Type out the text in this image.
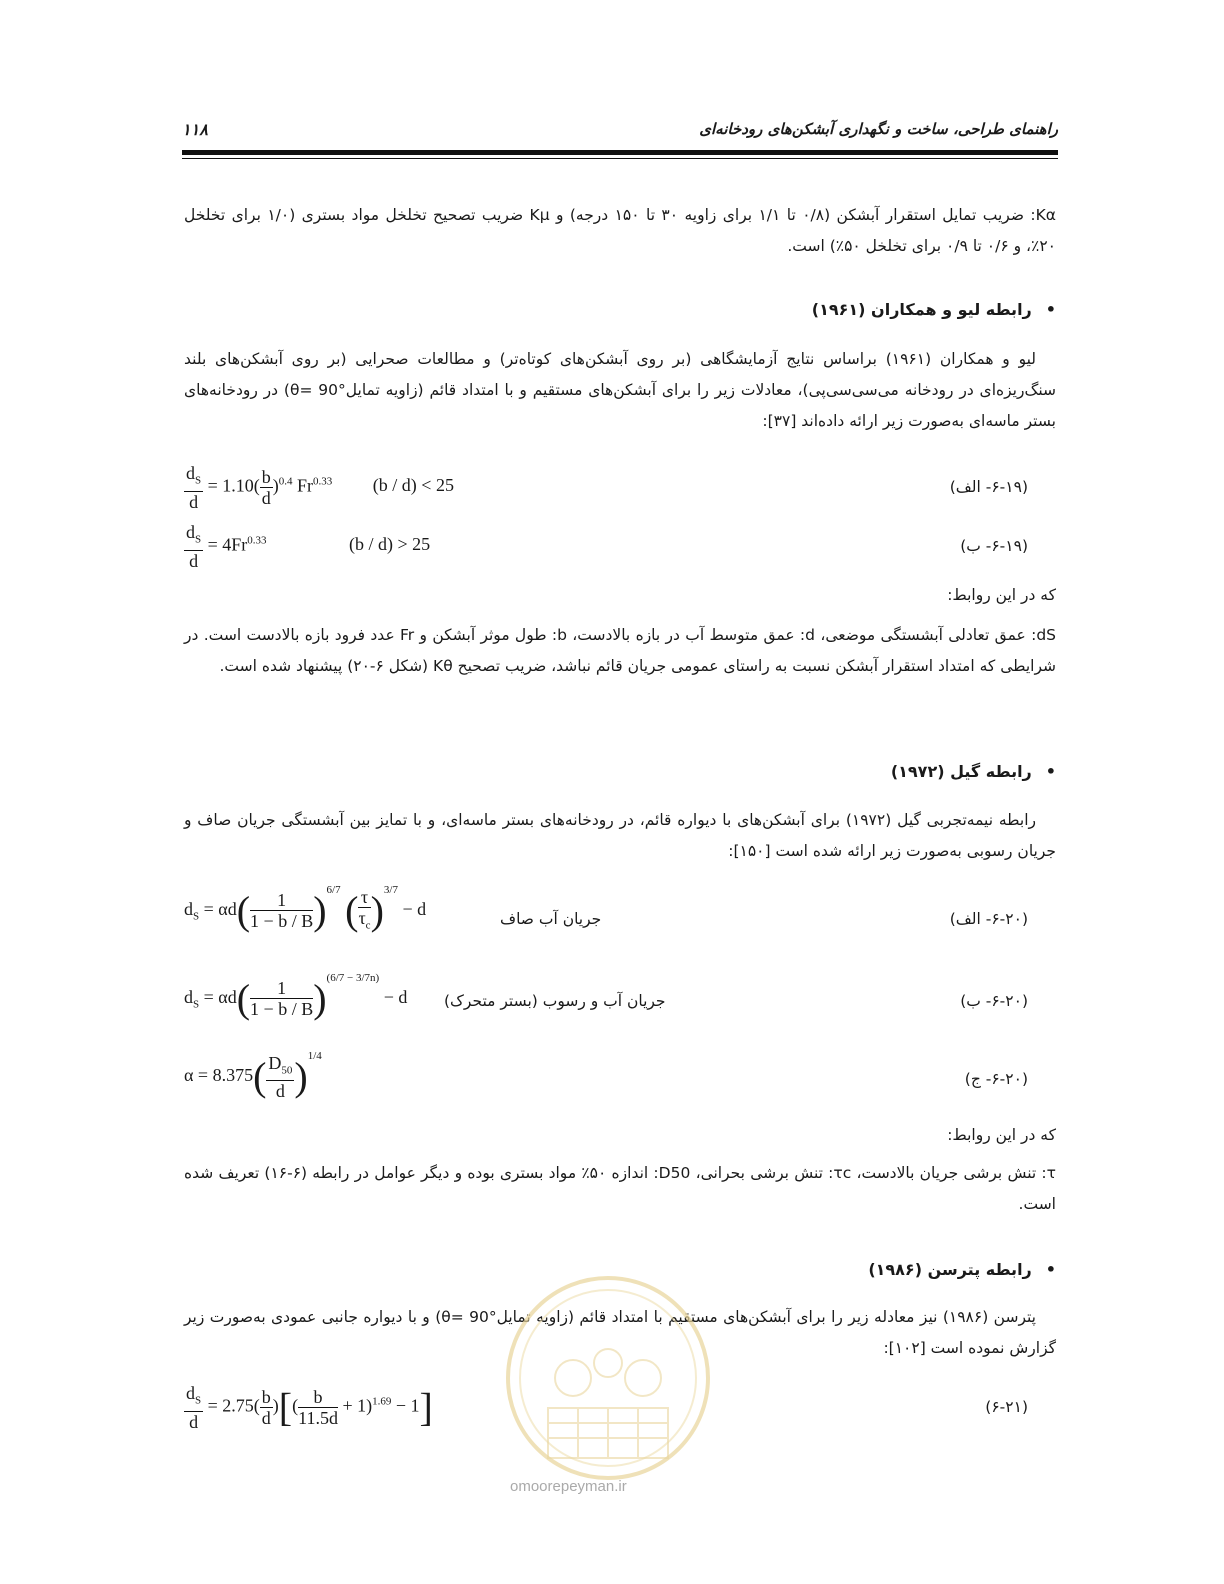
راهنمای طراحی، ساخت و نگهداری آبشکن‌های رودخانه‌ای
۱۱۸
Kα: ضریب تمایل استقرار آبشکن (۰/۸ تا ۱/۱ برای زاویه ۳۰ تا ۱۵۰ درجه) و Kμ ضریب تصحیح تخلخل مواد بستری (۱/۰ برای تخلخل ۲۰٪، و ۰/۶ تا ۰/۹ برای تخلخل ۵۰٪) است.
•رابطه لیو و همکاران (۱۹۶۱)
لیو و همکاران (۱۹۶۱) براساس نتایج آزمایشگاهی (بر روی آبشکن‌های کوتاه‌تر) و مطالعات صحرایی (بر روی آبشکن‌های بلند سنگ‌ریزه‌ای در رودخانه می‌سی‌سی‌پی)، معادلات زیر را برای آبشکن‌های مستقیم و با امتداد قائم (زاویه تمایل°90 =θ) در رودخانه‌های بستر ماسه‌ای به‌صورت زیر ارائه داده‌اند [۳۷]:
$\frac{d_S}{d} = 1.10( \frac{b}{d} )^{0.4}$ $Fr^{0.33}$ (b / d) < 25	(۶-۱۹- الف)
$\frac{d_S}{d} = 4Fr^{0.33}$	(b / d) > 25	(۶-۱۹- ب)
که در این روابط:
dS: عمق تعادلی آبشستگی موضعی، d: عمق متوسط آب در بازه بالادست، b: طول موثر آبشکن و Fr عدد فرود بازه بالادست است. در شرایطی که امتداد استقرار آبشکن نسبت به راستای عمومی جریان قائم نباشد، ضریب تصحیح Kθ (شکل ۶-۲۰) پیشنهاد شده است.
•رابطه گیل (۱۹۷۲)
رابطه نیمه‌تجربی گیل (۱۹۷۲) برای آبشکن‌های با دیواره قائم، در رودخانه‌های بستر ماسه‌ای، و با تمایز بین آبشستگی جریان صاف و جریان رسوبی به‌صورت زیر ارائه شده است [۱۵۰]:
$d_S = \alpha d( \frac{1}{1 - b / B} )^{6/7}$ ( $\frac{\tau}{\tau_c} )^{3/7} - d$	جریان آب صاف	(۶-۲۰- الف)
$d_S = \alpha d( \frac{1}{1 - b / B} )^{(6/7 - 3/7n)} - d$ جریان آب و رسوب (بستر متحرک)	(۶-۲۰- ب)
$\alpha = 8.375( \frac{D_{50}}{d} )^{1/4}$
(۶-۲۰- ج)
که در این روابط:
τ: تنش برشی جریان بالادست، τc: تنش برشی بحرانی، D50: اندازه ۵۰٪ مواد بستری بوده و دیگر عوامل در رابطه (۶-۱۶) تعریف شده است.
•رابطه پترسن (۱۹۸۶)
پترسن (۱۹۸۶) نیز معادله زیر را برای آبشکن‌های مستقیم با امتداد قائم (زاویه تمایل°90 =θ) و با دیواره جانبی عمودی به‌صورت زیر گزارش نموده است [۱۰۲]:
$\frac{d_S}{d} = 2.75( \frac{b}{d}$ )[( $\frac{b}{11.5d} + 1)^{1.69} - 1$]	(۶-۲۱)
omoorepeyman.ir
